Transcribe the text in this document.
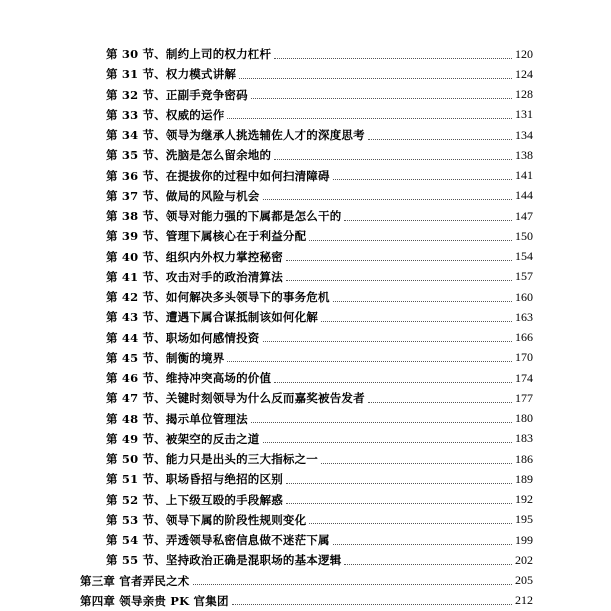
第 30 节、制约上司的权力杠杆	120
第 31 节、权力模式讲解	124
第 32 节、正副手竞争密码	128
第 33 节、权威的运作	131
第 34 节、领导为继承人挑选辅佐人才的深度思考	134
第 35 节、洗脑是怎么留余地的	138
第 36 节、在提拔你的过程中如何扫清障碍	141
第 37 节、做局的风险与机会	144
第 38 节、领导对能力强的下属都是怎么干的	147
第 39 节、管理下属核心在于利益分配	150
第 40 节、组织内外权力掌控秘密	154
第 41 节、攻击对手的政治清算法	157
第 42 节、如何解决多头领导下的事务危机	160
第 43 节、遭遇下属合谋抵制该如何化解	163
第 44 节、职场如何感情投资	166
第 45 节、制衡的境界	170
第 46 节、维持冲突高场的价值	174
第 47 节、关键时刻领导为什么反而嘉奖被告发者	177
第 48 节、揭示单位管理法	180
第 49 节、被架空的反击之道	183
第 50 节、能力只是出头的三大指标之一	186
第 51 节、职场昏招与绝招的区别	189
第 52 节、上下级互殴的手段解惑	192
第 53 节、领导下属的阶段性规则变化	195
第 54 节、弄透领导私密信息做不迷茫下属	199
第 55 节、坚持政治正确是混职场的基本逻辑	202
第三章 官者弄民之术	205
第四章 领导亲贵 PK 官集团	212
